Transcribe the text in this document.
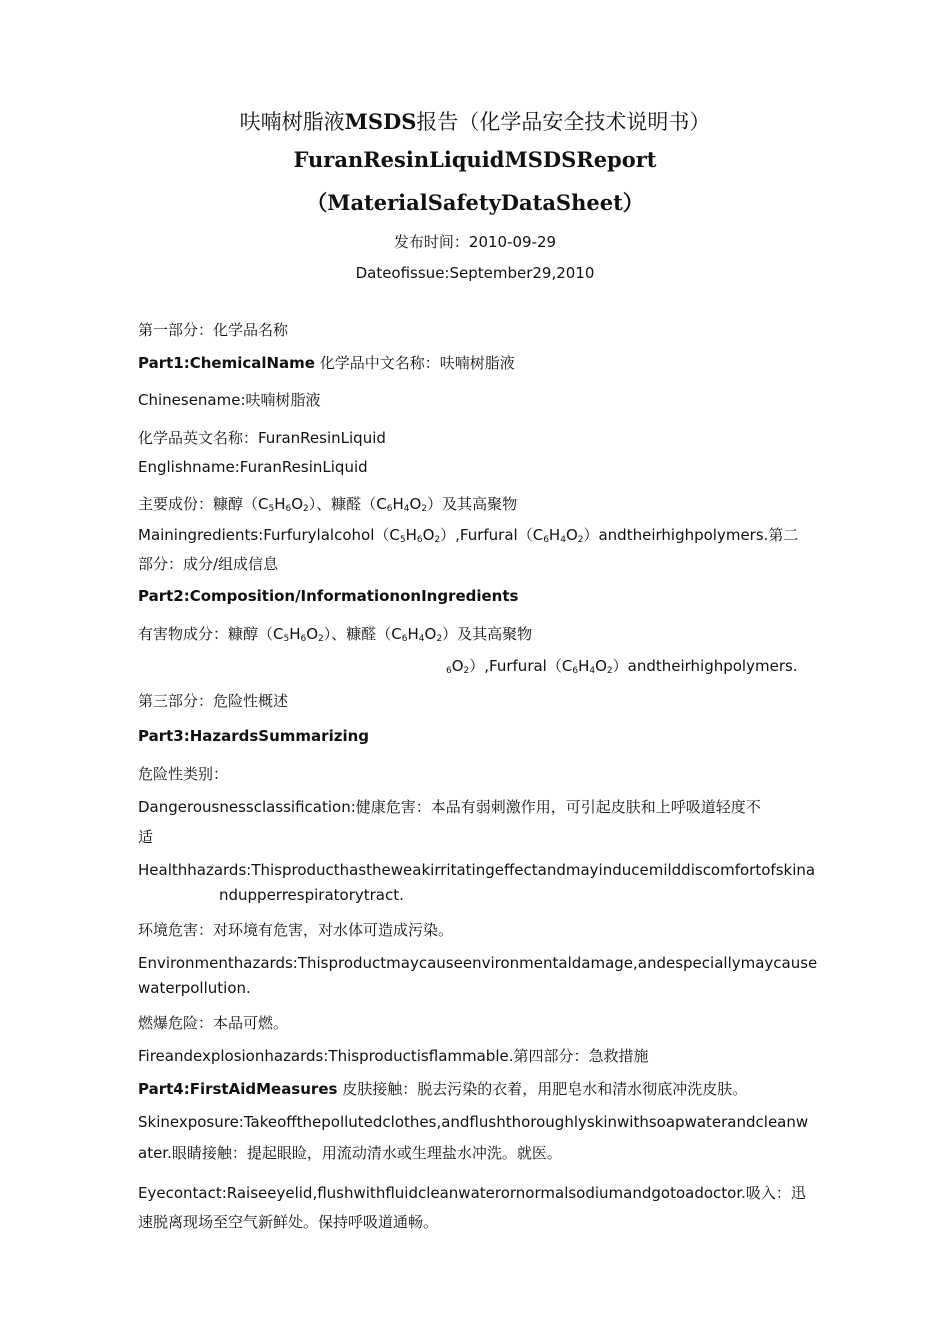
呋喃树脂液MSDS报告（化学品安全技术说明书）
FuranResinLiquidMSDSReport
（MaterialSafetyDataSheet）
发布时间：2010-09-29
Dateofissue:September29,2010
第一部分：化学品名称
Part1:ChemicalName 化学品中文名称：呋喃树脂液
Chinesename:呋喃树脂液
化学品英文名称：FuranResinLiquid
Englishname:FuranResinLiquid
主要成份：糠醇$(C_5H_6O_2)$、糠醛$(C_6H_4O_2)$及其高聚物
$Mainingredients:Furfurylalcohol(C_5H_6O_2),Furfural(C_6H_4O_2)andtheirhighpolymers$.第二
部分：成分/组成信息
Part2:Composition/InformationonIngredients
有害物成分：糠醇$(C_5H_6O_2)$、糠醛$(C_6H_4O_2)$及其高聚物
$_6O_2),Furfural(C_6H_4O_2)andtheirhighpolymers$.
第三部分：危险性概述
Part3:HazardsSummarizing
危险性类别：
Dangerousnessclassification:健康危害：本品有弱刺激作用，可引起皮肤和上呼吸道轻度不
适
Healthhazards:Thisproducthastheweakirritatingeffectandmayinducemilddiscomfortofskina
ndupperrespiratorytract.
环境危害：对环境有危害，对水体可造成污染。
Environmenthazards:Thisproductmaycauseenvironmentaldamage,andespeciallymaycause
waterpollution.
燃爆危险：本品可燃。
Fireandexplosionhazards:Thisproductisflammable.第四部分：急救措施
Part4:FirstAidMeasures 皮肤接触：脱去污染的衣着，用肥皂水和清水彻底冲洗皮肤。
Skinexposure:Takeoffthepollutedclothes,andflushthoroughlyskinwithsoapwaterandcleanw
ater.眼睛接触：提起眼睑，用流动清水或生理盐水冲洗。就医。
Eyecontact:Raiseeyelid,flushwithfluidcleanwaterornormalsodiumandgotoadoctor.吸入：迅
速脱离现场至空气新鲜处。保持呼吸道通畅。
